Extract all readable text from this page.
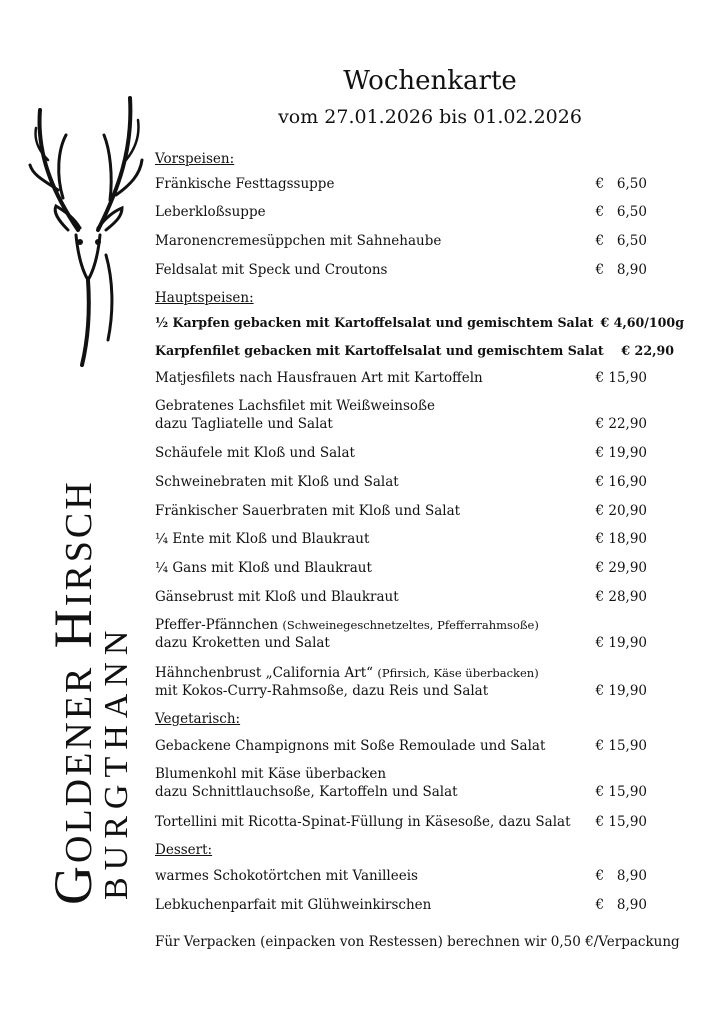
Goldener Hirsch
BURGTHANN
Wochenkarte
vom 27.01.2026 bis 01.02.2026
Vorspeisen:
Fränkische Festtagssuppe	€   6,50
Leberkloßsuppe	€   6,50
Maronencremesüppchen mit Sahnehaube	€   6,50
Feldsalat mit Speck und Croutons	€   8,90
Hauptspeisen:
½ Karpfen gebacken mit Kartoffelsalat und gemischtem Salat € 4,60/100g
Karpfenfilet gebacken mit Kartoffelsalat und gemischtem Salat	€ 22,90
Matjesfilets nach Hausfrauen Art mit Kartoffeln	€ 15,90
Gebratenes Lachsfilet mit Weißweinsoße
dazu Tagliatelle und Salat	€ 22,90
Schäufele mit Kloß und Salat	€ 19,90
Schweinebraten mit Kloß und Salat	€ 16,90
Fränkischer Sauerbraten mit Kloß und Salat	€ 20,90
¼ Ente mit Kloß und Blaukraut	€ 18,90
¼ Gans mit Kloß und Blaukraut	€ 29,90
Gänsebrust mit Kloß und Blaukraut	€ 28,90
Pfeffer-Pfännchen (Schweinegeschnetzeltes, Pfefferrahmsoße)
dazu Kroketten und Salat	€ 19,90
Hähnchenbrust „California Art“ (Pfirsich, Käse überbacken)
mit Kokos-Curry-Rahmsoße, dazu Reis und Salat	€ 19,90
Vegetarisch:
Gebackene Champignons mit Soße Remoulade und Salat	€ 15,90
Blumenkohl mit Käse überbacken
dazu Schnittlauchsoße, Kartoffeln und Salat	€ 15,90
Tortellini mit Ricotta-Spinat-Füllung in Käsesoße, dazu Salat	€ 15,90
Dessert:
warmes Schokotörtchen mit Vanilleeis	€   8,90
Lebkuchenparfait mit Glühweinkirschen	€   8,90
Für Verpacken (einpacken von Restessen) berechnen wir 0,50 €/Verpackung
